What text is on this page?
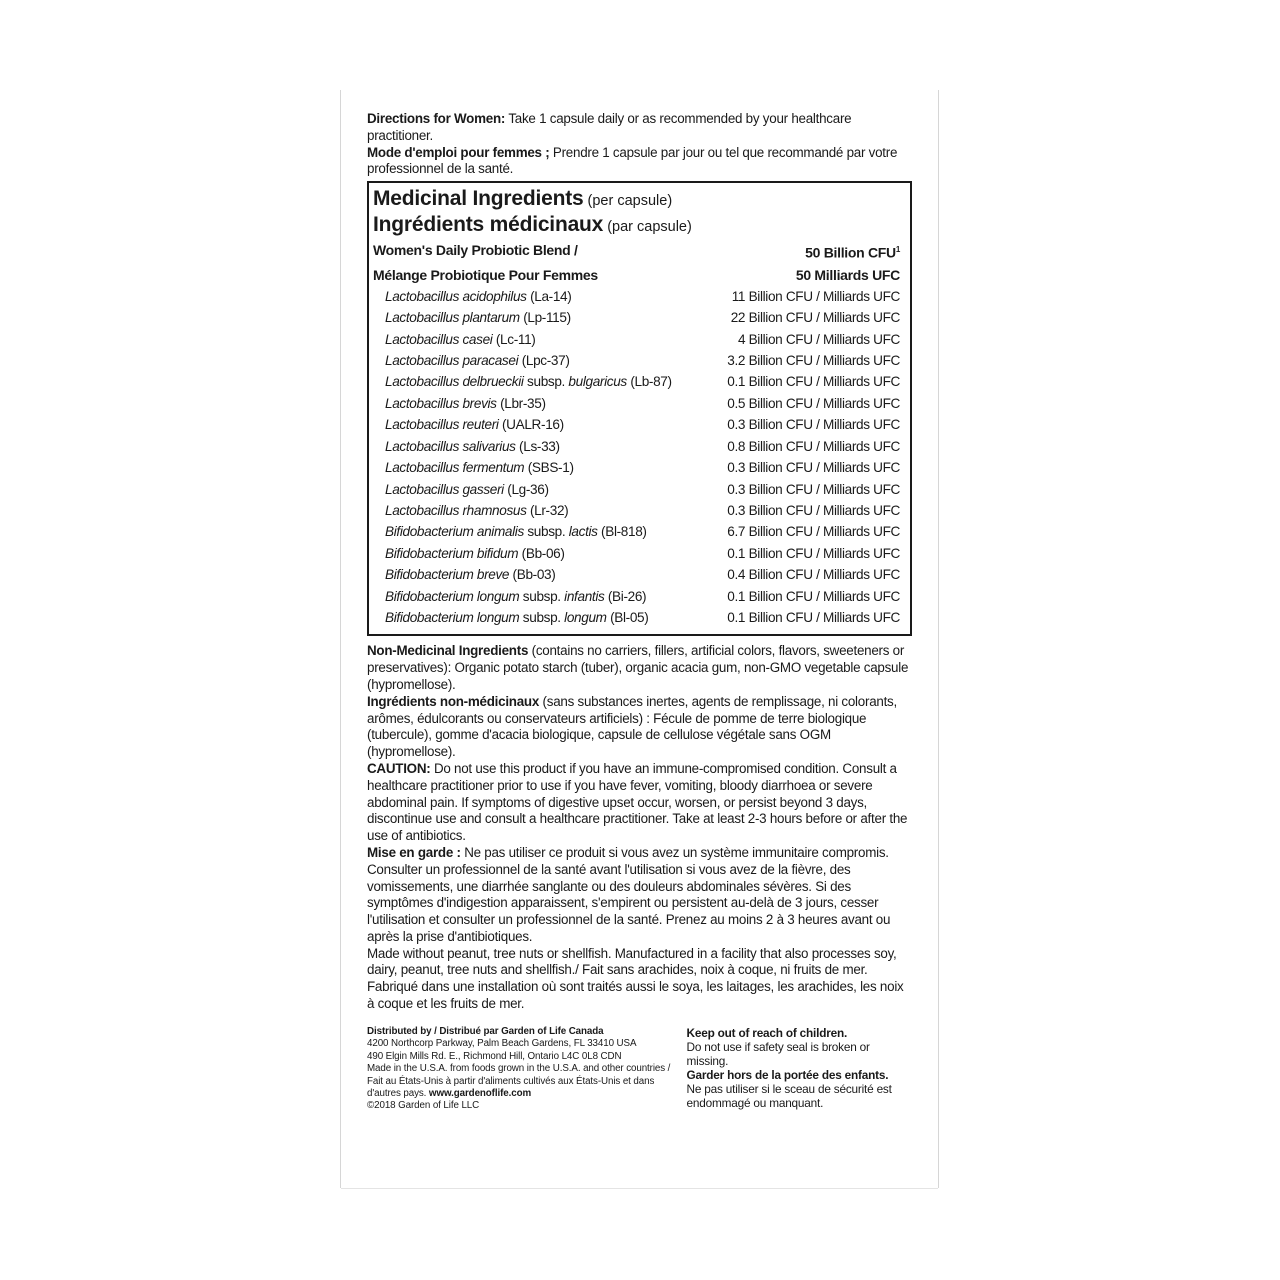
Directions for Women: Take 1 capsule daily or as recommended by your healthcare practitioner.

Mode d'emploi pour femmes ; Prendre 1 capsule par jour ou tel que recommandé par votre professionnel de la santé.

Medicinal Ingredients (per capsule)
Ingrédients médicinaux (par capsule)
Women's Daily Probiotic Blend /	50 Billion CFU$^1$
Mélange Probiotique Pour Femmes	50 Milliards UFC
Lactobacillus acidophilus (La-14)	11 Billion CFU / Milliards UFC
Lactobacillus plantarum (Lp-115)	22 Billion CFU / Milliards UFC
Lactobacillus casei (Lc-11)	4 Billion CFU / Milliards UFC
Lactobacillus paracasei (Lpc-37)	3.2 Billion CFU / Milliards UFC
Lactobacillus delbrueckii subsp. bulgaricus (Lb-87)	0.1 Billion CFU / Milliards UFC
Lactobacillus brevis (Lbr-35)	0.5 Billion CFU / Milliards UFC
Lactobacillus reuteri (UALR-16)	0.3 Billion CFU / Milliards UFC
Lactobacillus salivarius (Ls-33)	0.8 Billion CFU / Milliards UFC
Lactobacillus fermentum (SBS-1)	0.3 Billion CFU / Milliards UFC
Lactobacillus gasseri (Lg-36)	0.3 Billion CFU / Milliards UFC
Lactobacillus rhamnosus (Lr-32)	0.3 Billion CFU / Milliards UFC
Bifidobacterium animalis subsp. lactis (Bl-818)	6.7 Billion CFU / Milliards UFC
Bifidobacterium bifidum (Bb-06)	0.1 Billion CFU / Milliards UFC
Bifidobacterium breve (Bb-03)	0.4 Billion CFU / Milliards UFC
Bifidobacterium longum subsp. infantis (Bi-26)	0.1 Billion CFU / Milliards UFC
Bifidobacterium longum subsp. longum (Bl-05)	0.1 Billion CFU / Milliards UFC

Non-Medicinal Ingredients (contains no carriers, fillers, artificial colors, flavors, sweeteners or preservatives): Organic potato starch (tuber), organic acacia gum, non-GMO vegetable capsule (hypromellose).

Ingrédients non-médicinaux (sans substances inertes, agents de remplissage, ni colorants, arômes, édulcorants ou conservateurs artificiels) : Fécule de pomme de terre biologique (tubercule), gomme d'acacia biologique, capsule de cellulose végétale sans OGM (hypromellose).

CAUTION: Do not use this product if you have an immune-compromised condition. Consult a healthcare practitioner prior to use if you have fever, vomiting, bloody diarrhoea or severe abdominal pain. If symptoms of digestive upset occur, worsen, or persist beyond 3 days, discontinue use and consult a healthcare practitioner. Take at least 2-3 hours before or after the use of antibiotics.

Mise en garde : Ne pas utiliser ce produit si vous avez un système immunitaire compromis. Consulter un professionnel de la santé avant l'utilisation si vous avez de la fièvre, des vomissements, une diarrhée sanglante ou des douleurs abdominales sévères. Si des symptômes d'indigestion apparaissent, s'empirent ou persistent au-delà de 3 jours, cesser l'utilisation et consulter un professionnel de la santé. Prenez au moins 2 à 3 heures avant ou après la prise d'antibiotiques.

Made without peanut, tree nuts or shellfish. Manufactured in a facility that also processes soy, dairy, peanut, tree nuts and shellfish./ Fait sans arachides, noix à coque, ni fruits de mer. Fabriqué dans une installation où sont traités aussi le soya, les laitages, les arachides, les noix à coque et les fruits de mer.

Distributed by / Distribué par Garden of Life Canada
4200 Northcorp Parkway, Palm Beach Gardens, FL 33410 USA
490 Elgin Mills Rd. E., Richmond Hill, Ontario L4C 0L8 CDN
Made in the U.S.A. from foods grown in the U.S.A. and other countries / Fait au États-Unis à partir d'aliments cultivés aux États-Unis et dans d'autres pays. www.gardenoflife.com
©2018 Garden of Life LLC
Keep out of reach of children.
Do not use if safety seal is broken or missing.
Garder hors de la portée des enfants.
Ne pas utiliser si le sceau de sécurité est endommagé ou manquant.
